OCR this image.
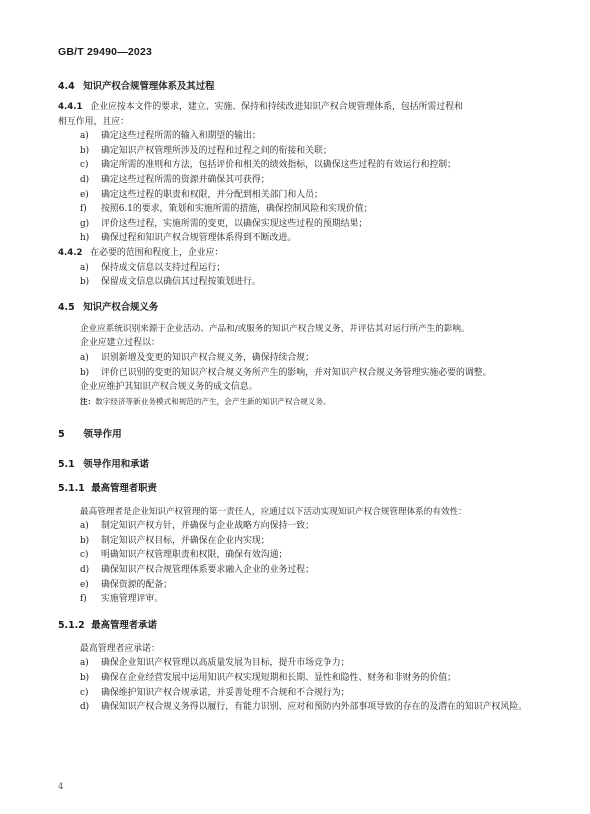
GB/T 29490—2023
4.4 知识产权合规管理体系及其过程
4.4.1 企业应按本文件的要求，建立、实施、保持和持续改进知识产权合规管理体系，包括所需过程和
相互作用，且应：
a)	确定这些过程所需的输入和期望的输出；
b)	确定知识产权管理所涉及的过程和过程之间的衔接和关联；
c)	确定所需的准则和方法，包括评价和相关的绩效指标，以确保这些过程的有效运行和控制；
d)	确定这些过程所需的资源并确保其可获得；
e)	确定这些过程的职责和权限，并分配到相关部门和人员；
f)	按照6.1的要求，策划和实施所需的措施，确保控制风险和实现价值；
g)	评价这些过程，实施所需的变更，以确保实现这些过程的预期结果；
h)	确保过程和知识产权合规管理体系得到不断改进。
4.4.2 在必要的范围和程度上，企业应：
a)	保持成文信息以支持过程运行；
b)	保留成文信息以确信其过程按策划进行。
4.5 知识产权合规义务
企业应系统识别来源于企业活动、产品和/或服务的知识产权合规义务，并评估其对运行所产生的影响。
企业应建立过程以：
a)	识别新增及变更的知识产权合规义务，确保持续合规；
b)	评价已识别的变更的知识产权合规义务所产生的影响，并对知识产权合规义务管理实施必要的调整。
企业应维护其知识产权合规义务的成文信息。
注：数字经济等新业务模式和规范的产生，会产生新的知识产权合规义务。
5 领导作用
5.1 领导作用和承诺
5.1.1 最高管理者职责
最高管理者是企业知识产权管理的第一责任人，应通过以下活动实现知识产权合规管理体系的有效性：
a)	制定知识产权方针，并确保与企业战略方向保持一致；
b)	制定知识产权目标，并确保在企业内实现；
c)	明确知识产权管理职责和权限，确保有效沟通；
d)	确保知识产权合规管理体系要求融入企业的业务过程；
e)	确保资源的配备；
f)	实施管理评审。
5.1.2 最高管理者承诺
最高管理者应承诺：
a)	确保企业知识产权管理以高质量发展为目标，提升市场竞争力；
b)	确保在企业经营发展中运用知识产权实现短期和长期、显性和隐性、财务和非财务的价值；
c)	确保维护知识产权合规承诺，并妥善处理不合规和不合规行为；
d)	确保知识产权合规义务得以履行，有能力识别、应对和预防内外部事项导致的存在的及潜在的知识产权风险。
4
